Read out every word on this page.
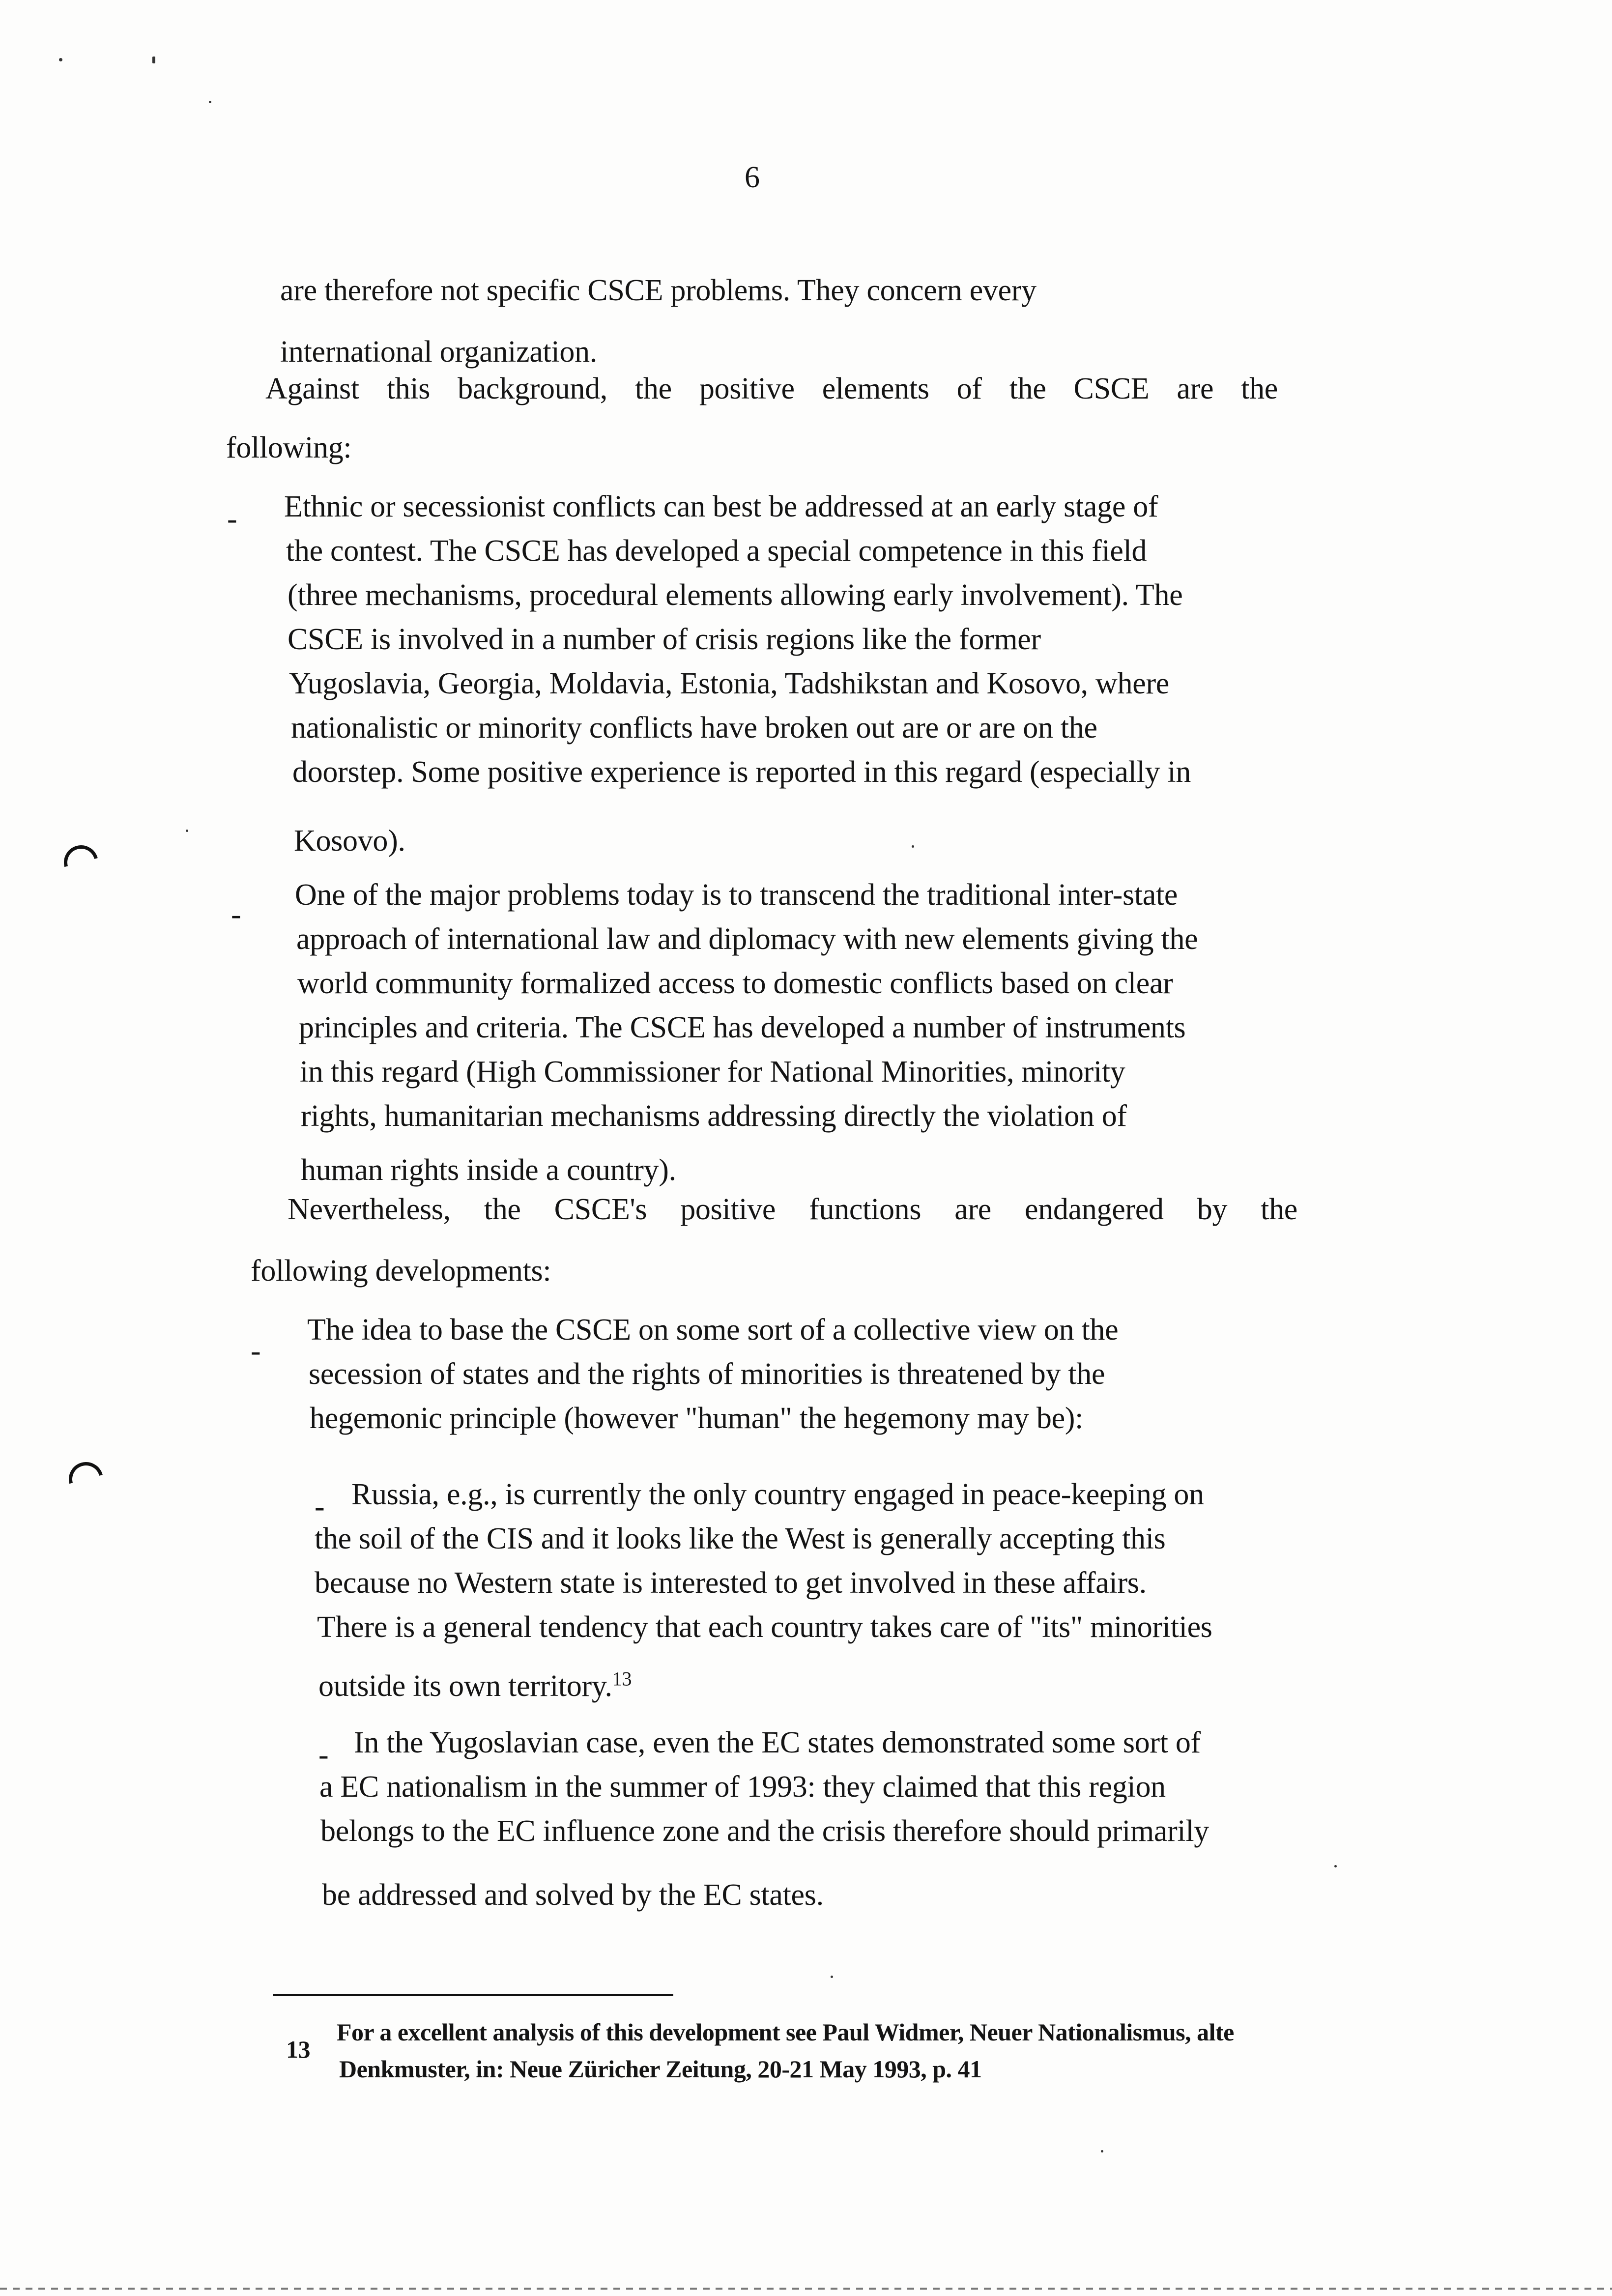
6
are therefore not specific CSCE problems. They concern every
international organization.
Against this background, the positive elements of the CSCE are the
following:
- Ethnic or secessionist conflicts can best be addressed at an early stage of
the contest. The CSCE has developed a special competence in this field
(three mechanisms, procedural elements allowing early involvement). The
CSCE is involved in a number of crisis regions like the former
Yugoslavia, Georgia, Moldavia, Estonia, Tadshikstan and Kosovo, where
nationalistic or minority conflicts have broken out are or are on the
doorstep. Some positive experience is reported in this regard (especially in
Kosovo).
-
One of the major problems today is to transcend the traditional inter-state
approach of international law and diplomacy with new elements giving the
world community formalized access to domestic conflicts based on clear
principles and criteria. The CSCE has developed a number of instruments
in this regard (High Commissioner for National Minorities, minority
rights, humanitarian mechanisms addressing directly the violation of
human rights inside a country).
Nevertheless, the CSCE's positive functions are endangered by the
following developments:
-
The idea to base the CSCE on some sort of a collective view on the
secession of states and the rights of minorities is threatened by the
hegemonic principle (however "human" the hegemony may be):
- Russia, e.g., is currently the only country engaged in peace-keeping on
the soil of the CIS and it looks like the West is generally accepting this
because no Western state is interested to get involved in these affairs.
There is a general tendency that each country takes care of "its" minorities
outside its own territory.$^{13}$
- In the Yugoslavian case, even the EC states demonstrated some sort of
a EC nationalism in the summer of 1993: they claimed that this region
belongs to the EC influence zone and the crisis therefore should primarily
be addressed and solved by the EC states.
13
For a excellent analysis of this development see Paul Widmer, Neuer Nationalismus, alte
Denkmuster, in: Neue Züricher Zeitung, 20-21 May 1993, p. 41
